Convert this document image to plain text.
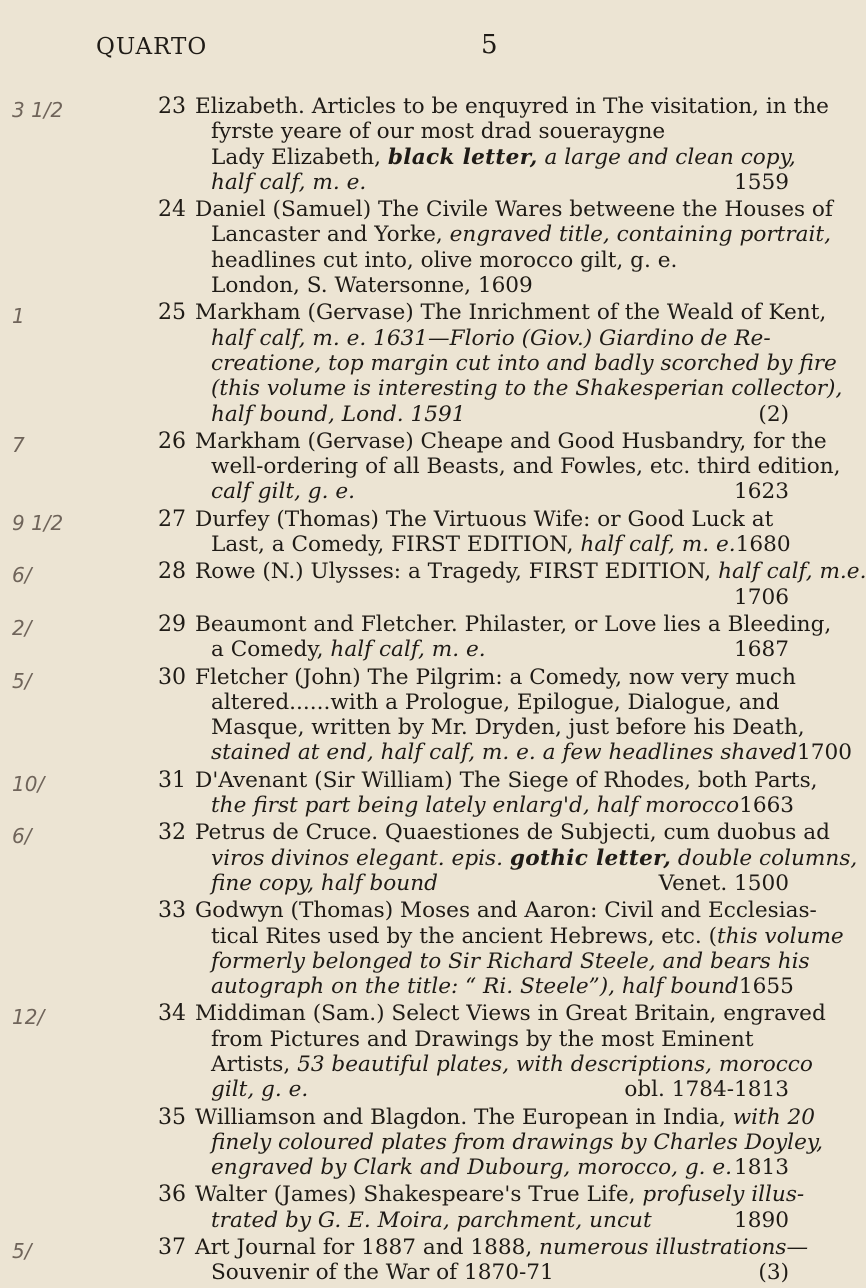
QUARTO	5
3 1/2	23 Elizabeth. Articles to be enquyred in The visitation, in the
fyrste yeare of our most drad soueraygne
Lady Elizabeth, black letter, a large and clean copy,
half calf, m. e.	1559
24 Daniel (Samuel) The Civile Wares betweene the Houses of
Lancaster and Yorke, engraved title, containing portrait,
headlines cut into, olive morocco gilt, g. e.
London, S. Watersonne, 1609
1	25 Markham (Gervase) The Inrichment of the Weald of Kent,
half calf, m. e. 1631—Florio (Giov.) Giardino de Re-
creatione, top margin cut into and badly scorched by fire
(this volume is interesting to the Shakesperian collector),
half bound, Lond. 1591	(2)
7	26 Markham (Gervase) Cheape and Good Husbandry, for the
well-ordering of all Beasts, and Fowles, etc. third edition,
calf gilt, g. e.	1623
9 1/2	27 Durfey (Thomas) The Virtuous Wife: or Good Luck at
Last, a Comedy, FIRST EDITION, half calf, m. e. 1680
6/	28 Rowe (N.) Ulysses: a Tragedy, FIRST EDITION, half calf, m.e.
1706
2/	29 Beaumont and Fletcher. Philaster, or Love lies a Bleeding,
a Comedy, half calf, m. e.	1687
5/	30 Fletcher (John) The Pilgrim: a Comedy, now very much
altered......with a Prologue, Epilogue, Dialogue, and
Masque, written by Mr. Dryden, just before his Death,
stained at end, half calf, m. e. a few headlines shaved 1700
10/	31 D'Avenant (Sir William) The Siege of Rhodes, both Parts,
the first part being lately enlarg'd, half morocco 1663
6/	32 Petrus de Cruce. Quaestiones de Subjecti, cum duobus ad
viros divinos elegant. epis. gothic letter, double columns,
fine copy, half bound	Venet. 1500
33 Godwyn (Thomas) Moses and Aaron: Civil and Ecclesias-
tical Rites used by the ancient Hebrews, etc. (this volume
formerly belonged to Sir Richard Steele, and bears his
autograph on the title: “ Ri. Steele”), half bound 1655
12/	34 Middiman (Sam.) Select Views in Great Britain, engraved
from Pictures and Drawings by the most Eminent
Artists, 53 beautiful plates, with descriptions, morocco
gilt, g. e.	obl. 1784-1813
35 Williamson and Blagdon. The European in India, with 20
finely coloured plates from drawings by Charles Doyley,
engraved by Clark and Dubourg, morocco, g. e. 1813
36 Walter (James) Shakespeare's True Life, profusely illus-
trated by G. E. Moira, parchment, uncut	1890
5/	37 Art Journal for 1887 and 1888, numerous illustrations—
Souvenir of the War of 1870-71	(3)
